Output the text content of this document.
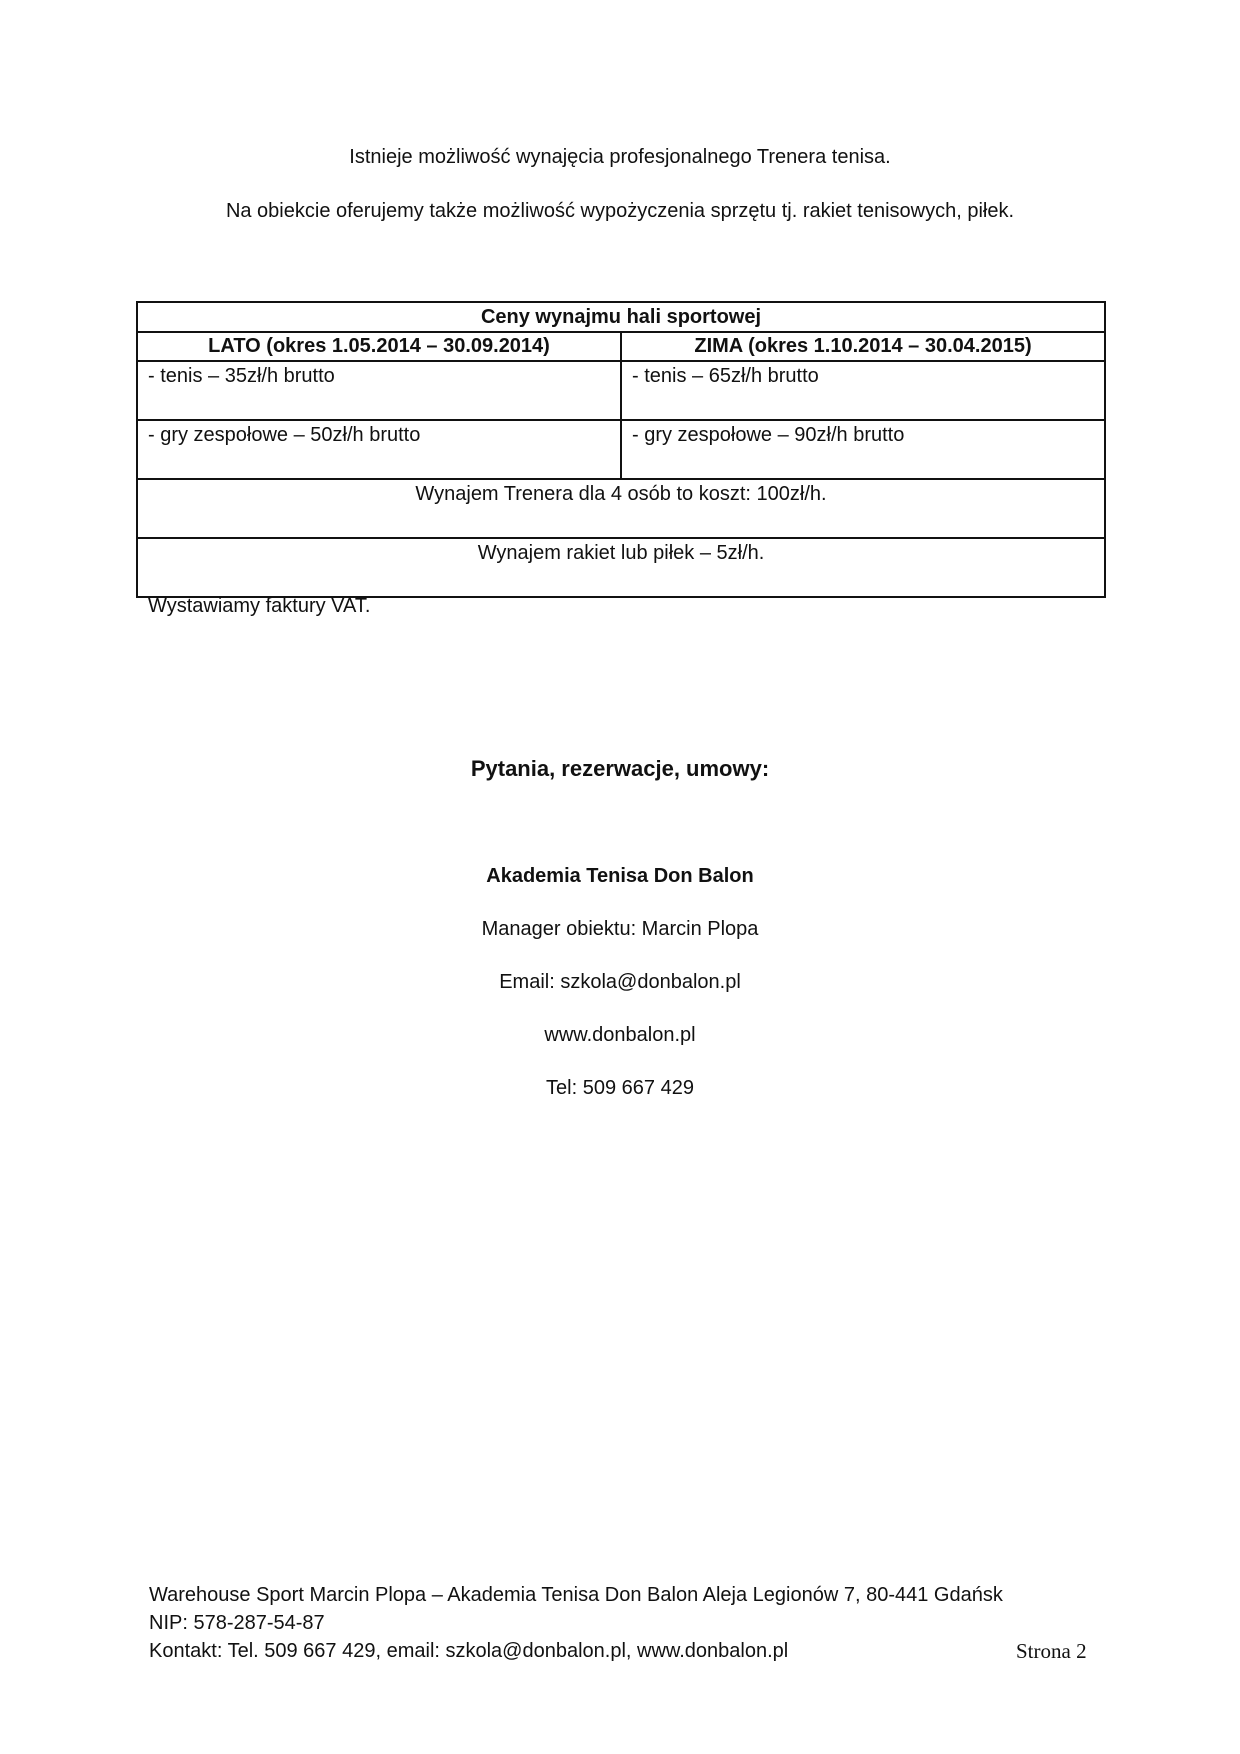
Istnieje możliwość wynajęcia profesjonalnego Trenera tenisa.
Na obiekcie oferujemy także możliwość wypożyczenia sprzętu tj. rakiet tenisowych, piłek.
Ceny wynajmu hali sportowej	
LATO (okres 1.05.2014 – 30.09.2014)	ZIMA (okres 1.10.2014 – 30.04.2015)
- tenis – 35zł/h brutto	- tenis – 65zł/h brutto
- gry zespołowe – 50zł/h brutto	- gry zespołowe – 90zł/h brutto
Wynajem Trenera dla 4 osób to koszt: 100zł/h.	
Wynajem rakiet lub piłek – 5zł/h.	
Wystawiamy faktury VAT.
Pytania, rezerwacje, umowy:
Akademia Tenisa Don Balon
Manager obiektu: Marcin Plopa
Email: szkola@donbalon.pl
www.donbalon.pl
Tel: 509 667 429
Warehouse Sport Marcin Plopa – Akademia Tenisa Don Balon Aleja Legionów 7, 80-441 Gdańsk
NIP: 578-287-54-87
Kontakt: Tel. 509 667 429, email: szkola@donbalon.pl, www.donbalon.pl	Strona 2
